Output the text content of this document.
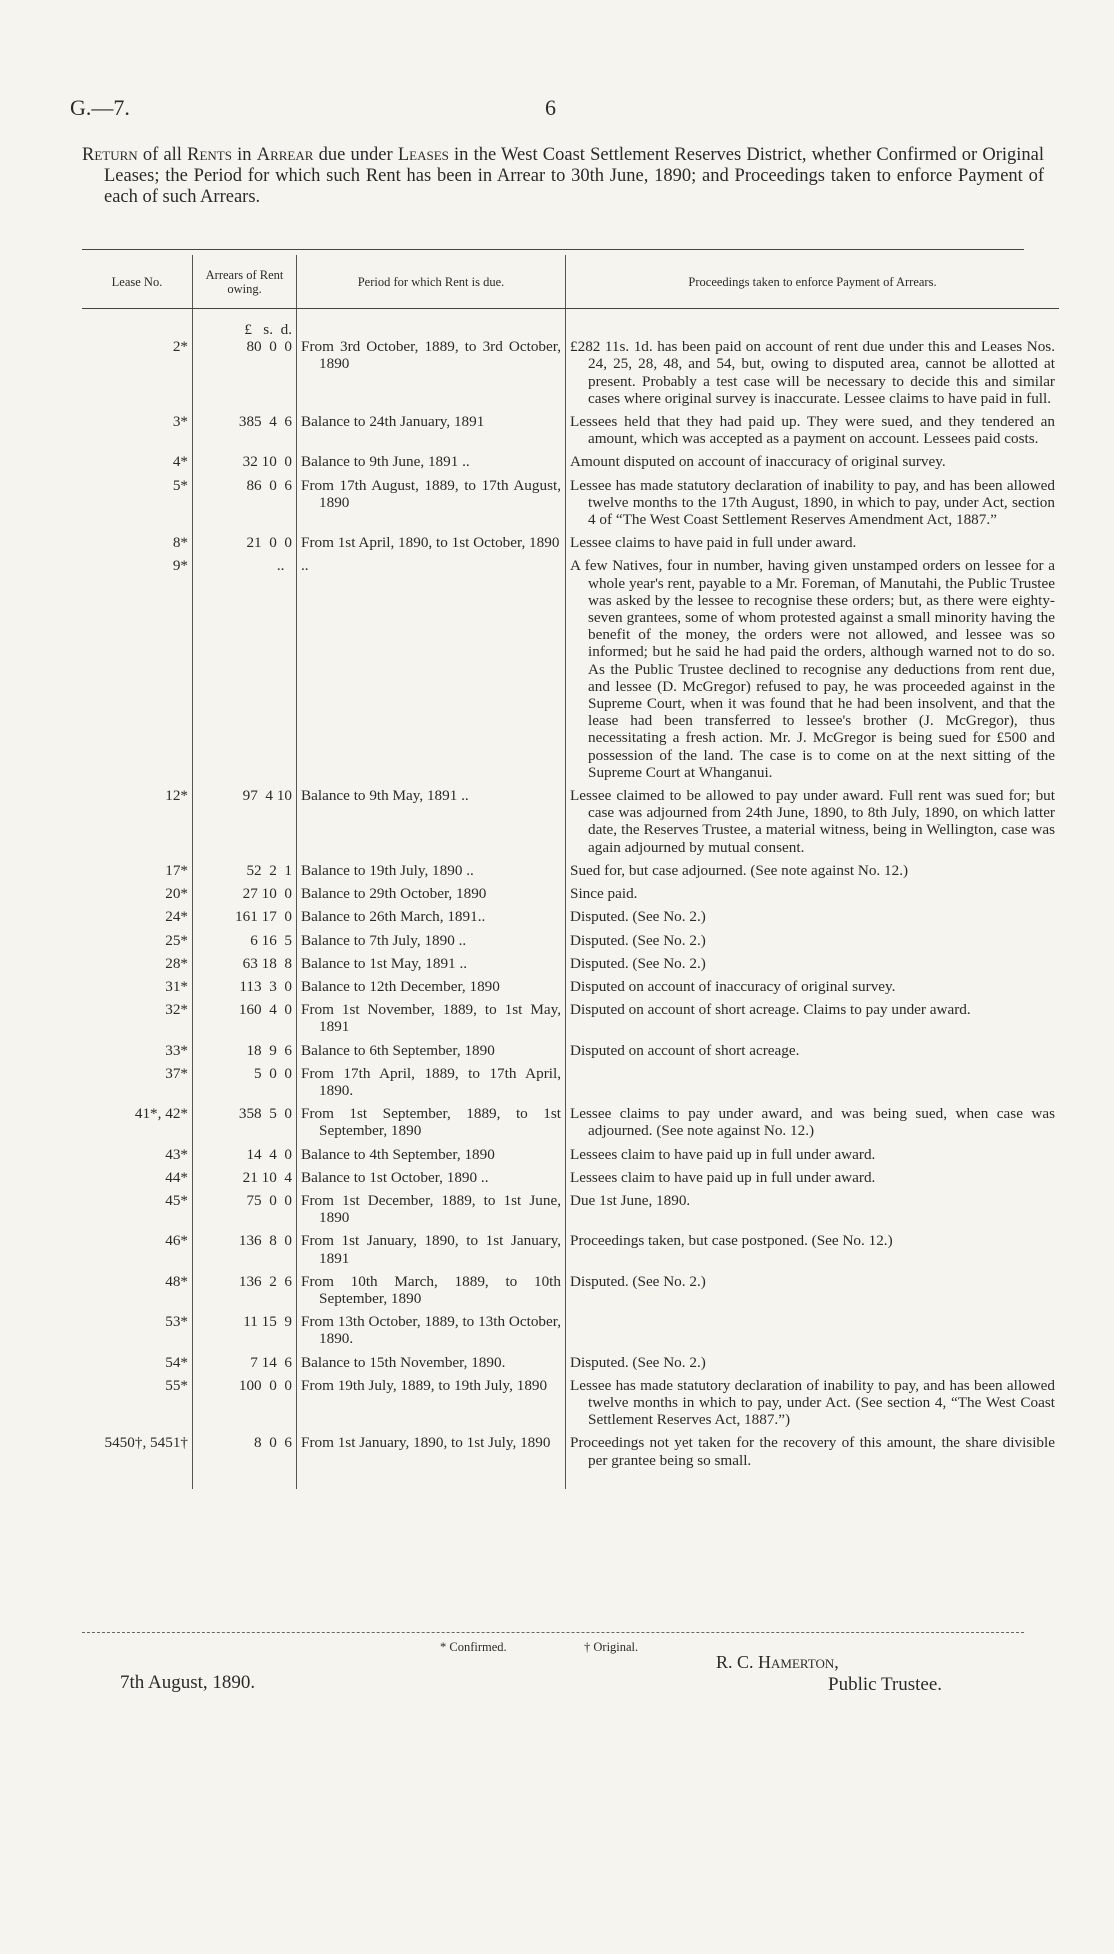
G.—7.	6
Return of all Rents in Arrear due under Leases in the West Coast Settlement Reserves District, whether Confirmed or Original Leases; the Period for which such Rent has been in Arrear to 30th June, 1890; and Proceedings taken to enforce Payment of each of such Arrears.
Lease No.	Arrears of Rent owing.	Period for which Rent is due.	Proceedings taken to enforce Payment of Arrears.

	£   s.  d.		
2*	80  0  0	From 3rd October, 1889, to 3rd October, 1890	£282 11s. 1d. has been paid on account of rent due under this and Leases Nos. 24, 25, 28, 48, and 54, but, owing to disputed area, cannot be allotted at present. Probably a test case will be necessary to decide this and similar cases where original survey is inaccurate. Lessee claims to have paid in full.

3*	385  4  6	Balance to 24th January, 1891	Lessees held that they had paid up. They were sued, and they tendered an amount, which was accepted as a payment on account. Lessees paid costs.

4*	32 10  0	Balance to 9th June, 1891 ..	Amount disputed on account of inaccuracy of original survey.

5*	86  0  6	From 17th August, 1889, to 17th August, 1890	Lessee has made statutory declaration of inability to pay, and has been allowed twelve months to the 17th August, 1890, in which to pay, under Act, section 4 of “The West Coast Settlement Reserves Amendment Act, 1887.”

8*	21  0  0	From 1st April, 1890, to 1st October, 1890	Lessee claims to have paid in full under award.

9*	..	..	A few Natives, four in number, having given unstamped orders on lessee for a whole year's rent, payable to a Mr. Foreman, of Manutahi, the Public Trustee was asked by the lessee to recognise these orders; but, as there were eighty-seven grantees, some of whom protested against a small minority having the benefit of the money, the orders were not allowed, and lessee was so informed; but he said he had paid the orders, although warned not to do so. As the Public Trustee declined to recognise any deductions from rent due, and lessee (D. McGregor) refused to pay, he was proceeded against in the Supreme Court, when it was found that he had been insolvent, and that the lease had been transferred to lessee's brother (J. McGregor), thus necessitating a fresh action. Mr. J. McGregor is being sued for £500 and possession of the land. The case is to come on at the next sitting of the Supreme Court at Whanganui.

12*	97  4 10	Balance to 9th May, 1891 ..	Lessee claimed to be allowed to pay under award. Full rent was sued for; but case was adjourned from 24th June, 1890, to 8th July, 1890, on which latter date, the Reserves Trustee, a material witness, being in Wellington, case was again adjourned by mutual consent.

17*	52  2  1	Balance to 19th July, 1890 ..	Sued for, but case adjourned. (See note against No. 12.)

20*	27 10  0	Balance to 29th October, 1890	Since paid.

24*	161 17  0	Balance to 26th March, 1891..	Disputed. (See No. 2.)

25*	6 16  5	Balance to 7th July, 1890 ..	Disputed. (See No. 2.)

28*	63 18  8	Balance to 1st May, 1891 ..	Disputed. (See No. 2.)

31*	113  3  0	Balance to 12th December, 1890	Disputed on account of inaccuracy of original survey.

32*	160  4  0	From 1st November, 1889, to 1st May, 1891	Disputed on account of short acreage. Claims to pay under award.

33*	18  9  6	Balance to 6th September, 1890	Disputed on account of short acreage.

37*	5  0  0	From 17th April, 1889, to 17th April, 1890.	

41*, 42*	358  5  0	From 1st September, 1889, to 1st September, 1890	Lessee claims to pay under award, and was being sued, when case was adjourned. (See note against No. 12.)

43*	14  4  0	Balance to 4th September, 1890	Lessees claim to have paid up in full under award.

44*	21 10  4	Balance to 1st October, 1890 ..	Lessees claim to have paid up in full under award.

45*	75  0  0	From 1st December, 1889, to 1st June, 1890	Due 1st June, 1890.

46*	136  8  0	From 1st January, 1890, to 1st January, 1891	Proceedings taken, but case postponed. (See No. 12.)

48*	136  2  6	From 10th March, 1889, to 10th September, 1890	Disputed. (See No. 2.)

53*	11 15  9	From 13th October, 1889, to 13th October, 1890.	

54*	7 14  6	Balance to 15th November, 1890.	Disputed. (See No. 2.)

55*	100  0  0	From 19th July, 1889, to 19th July, 1890	Lessee has made statutory declaration of inability to pay, and has been allowed twelve months in which to pay, under Act. (See section 4, “The West Coast Settlement Reserves Act, 1887.”)

5450†, 5451†	8  0  6	From 1st January, 1890, to 1st July, 1890	Proceedings not yet taken for the recovery of this amount, the share divisible per grantee being so small.

* Confirmed.	† Original.
7th August, 1890.
R. C. Hamerton,
Public Trustee.
